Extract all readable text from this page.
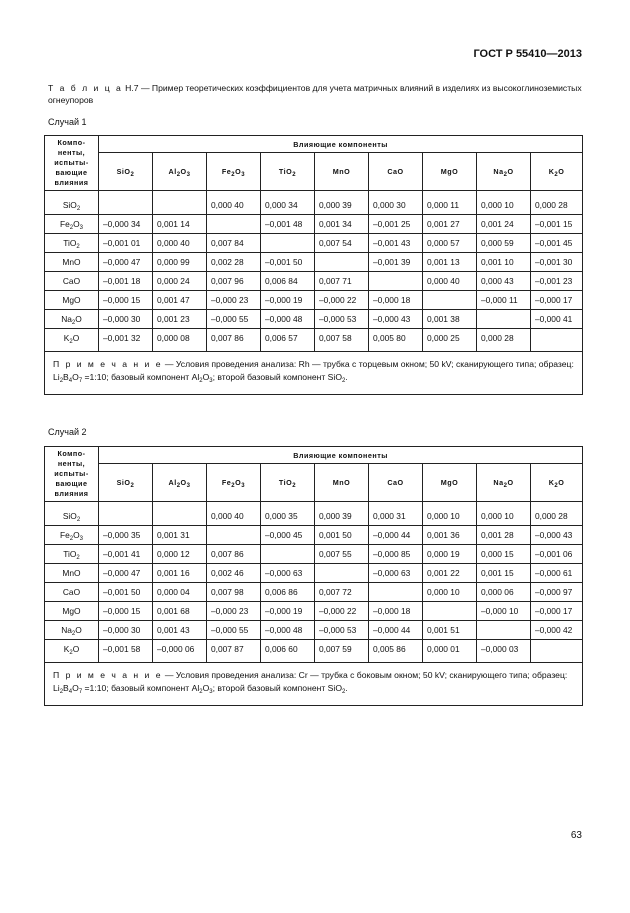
ГОСТ Р 55410—2013
Т а б л и ц а Н.7 — Пример теоретических коэффициентов для учета матричных влияний в изделиях из высокоглиноземистых огнеупоров
Случай 1
Компо-
ненты,
испыты-
вающие
влияния	Влияющие компоненты								
	SiO$_2$	$Al_2O_3$	$Fe_2O_3$	TiO$_2$	MnO	CaO	MgO	$Na_2O$	$K_2O$
SiO$_2$			0,000 40	0,000 34	0,000 39	0,000 30	0,000 11	0,000 10	0,000 28
$Fe_2O_3$	–0,000 34	0,001 14		–0,001 48	0,001 34	–0,001 25	0,001 27	0,001 24	–0,001 15
TiO$_2$	–0,001 01	0,000 40	0,007 84		0,007 54	–0,001 43	0,000 57	0,000 59	–0,001 45
MnO	–0,000 47	0,000 99	0,002 28	–0,001 50		–0,001 39	0,001 13	0,001 10	–0,001 30
CaO	–0,001 18	0,000 24	0,007 96	0,006 84	0,007 71		0,000 40	0,000 43	–0,001 23
MgO	–0,000 15	0,001 47	–0,000 23	–0,000 19	–0,000 22	–0,000 18		–0,000 11	–0,000 17
$Na_2O$	–0,000 30	0,001 23	–0,000 55	–0,000 48	–0,000 53	–0,000 43	0,001 38		–0,000 41
$K_2O$	–0,001 32	0,000 08	0,007 86	0,006 57	0,007 58	0,005 80	0,000 25	0,000 28	
П р и м е ч а н и е — Условия проведения анализа: Rh — трубка с торцевым окном; 50 kV; сканирующего типа; образец: $Li_2B_4O_7$ =1:10; базовый компонент $Al_2O_3$; второй базовый компонент SiO$_2$.									
Случай 2
Компо-
ненты,
испыты-
вающие
влияния	Влияющие компоненты								
	SiO$_2$	$Al_2O_3$	$Fe_2O_3$	TiO$_2$	MnO	CaO	MgO	$Na_2O$	$K_2O$
SiO$_2$			0,000 40	0,000 35	0,000 39	0,000 31	0,000 10	0,000 10	0,000 28
$Fe_2O_3$	–0,000 35	0,001 31		–0,000 45	0,001 50	–0,000 44	0,001 36	0,001 28	–0,000 43
TiO$_2$	–0,001 41	0,000 12	0,007 86		0,007 55	–0,000 85	0,000 19	0,000 15	–0,001 06
MnO	–0,000 47	0,001 16	0,002 46	–0,000 63		–0,000 63	0,001 22	0,001 15	–0,000 61
CaO	–0,001 50	0,000 04	0,007 98	0,006 86	0,007 72		0,000 10	0,000 06	–0,000 97
MgO	–0,000 15	0,001 68	–0,000 23	–0,000 19	–0,000 22	–0,000 18		–0,000 10	–0,000 17
$Na_2O$	–0,000 30	0,001 43	–0,000 55	–0,000 48	–0,000 53	–0,000 44	0,001 51		–0,000 42
$K_2O$	–0,001 58	–0,000 06	0,007 87	0,006 60	0,007 59	0,005 86	0,000 01	–0,000 03	
П р и м е ч а н и е — Условия проведения анализа: Cr — трубка с боковым окном; 50 kV; сканирующего типа; образец: $Li_2B_4O_7$ =1:10; базовый компонент $Al_2O_3$; второй базовый компонент SiO$_2$.									
63
